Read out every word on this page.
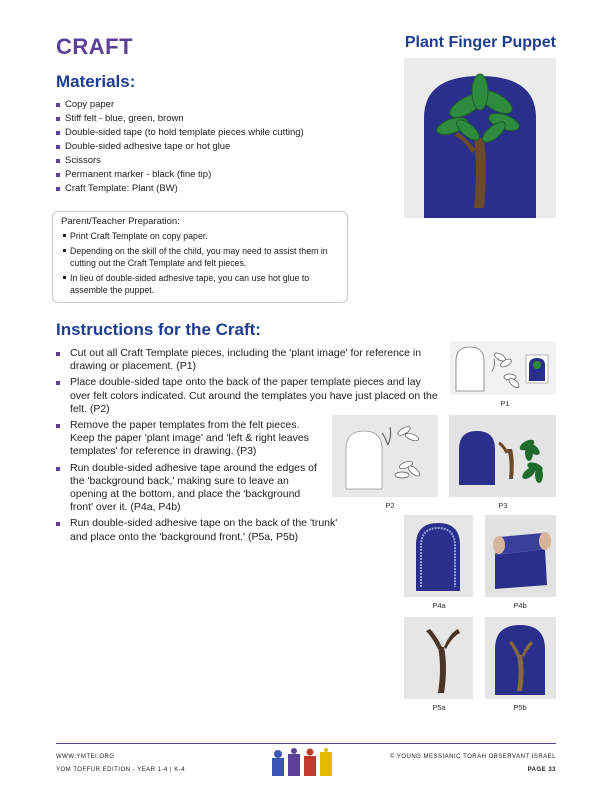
CRAFT	Plant Finger Puppet
Materials:
Copy paper
Stiff felt - blue, green, brown
Double-sided tape (to hold template pieces while cutting)
Double-sided adhesive tape or hot glue
Scissors
Permanent marker - black (fine tip)
Craft Template: Plant (BW)
Parent/Teacher Preparation:
Print Craft Template on copy paper.
Depending on the skill of the child, you may need to assist them in cutting out the Craft Template and felt pieces.
In lieu of double-sided adhesive tape, you can use hot glue to assemble the puppet.
Instructions for the Craft:
Cut out all Craft Template pieces, including the 'plant image' for reference in drawing or placement. (P1)
Place double-sided tape onto the back of the paper template pieces and lay over felt colors indicated. Cut around the templates you have just placed on the felt. (P2)
Remove the paper templates from the felt pieces. Keep the paper 'plant image' and 'left & right leaves templates' for reference in drawing. (P3)
Run double-sided adhesive tape around the edges of the 'background back,' making sure to leave an opening at the bottom, and place the 'background front' over it. (P4a, P4b)
Run double-sided adhesive tape on the back of the 'trunk' and place onto the 'background front.' (P5a, P5b)
P1
P2	P3
P4a	P4b
P5a	P5b
WWW.YMTEI.ORG
YOM TOFFUR EDITION - YEAR 1-4 | K-4
© YOUNG MESSIANIC TORAH OBSERVANT ISRAEL
PAGE 33
